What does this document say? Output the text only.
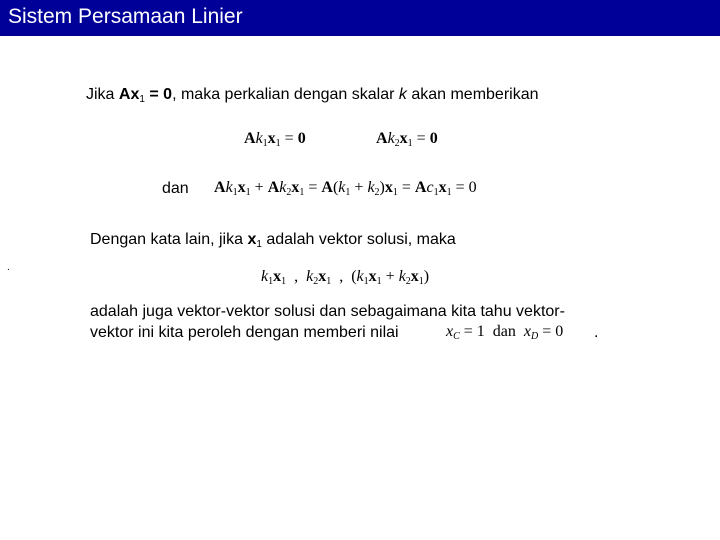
Sistem Persamaan Linier
Jika $Ax_1 = 0$, maka perkalian dengan skalar k akan memberikan
$Ak_1x_1 = 0$	$Ak_2x_1 = 0$
dan $Ak_1x_1 + Ak_2x_1 = A(k_1 + k_2)x_1 = Ac_1x_1 = 0$
Dengan kata lain, jika $x_1$ adalah vektor solusi, maka
.
$k_1x_1$  ,  $k_2x_1$  ,  $(k_1x_1 + k_2x_1)$
adalah juga vektor-vektor solusi dan sebagaimana kita tahu vektor-
vektor ini kita peroleh dengan memberi nilai	$x_C = 1$  dan  $x_D = 0$ .
